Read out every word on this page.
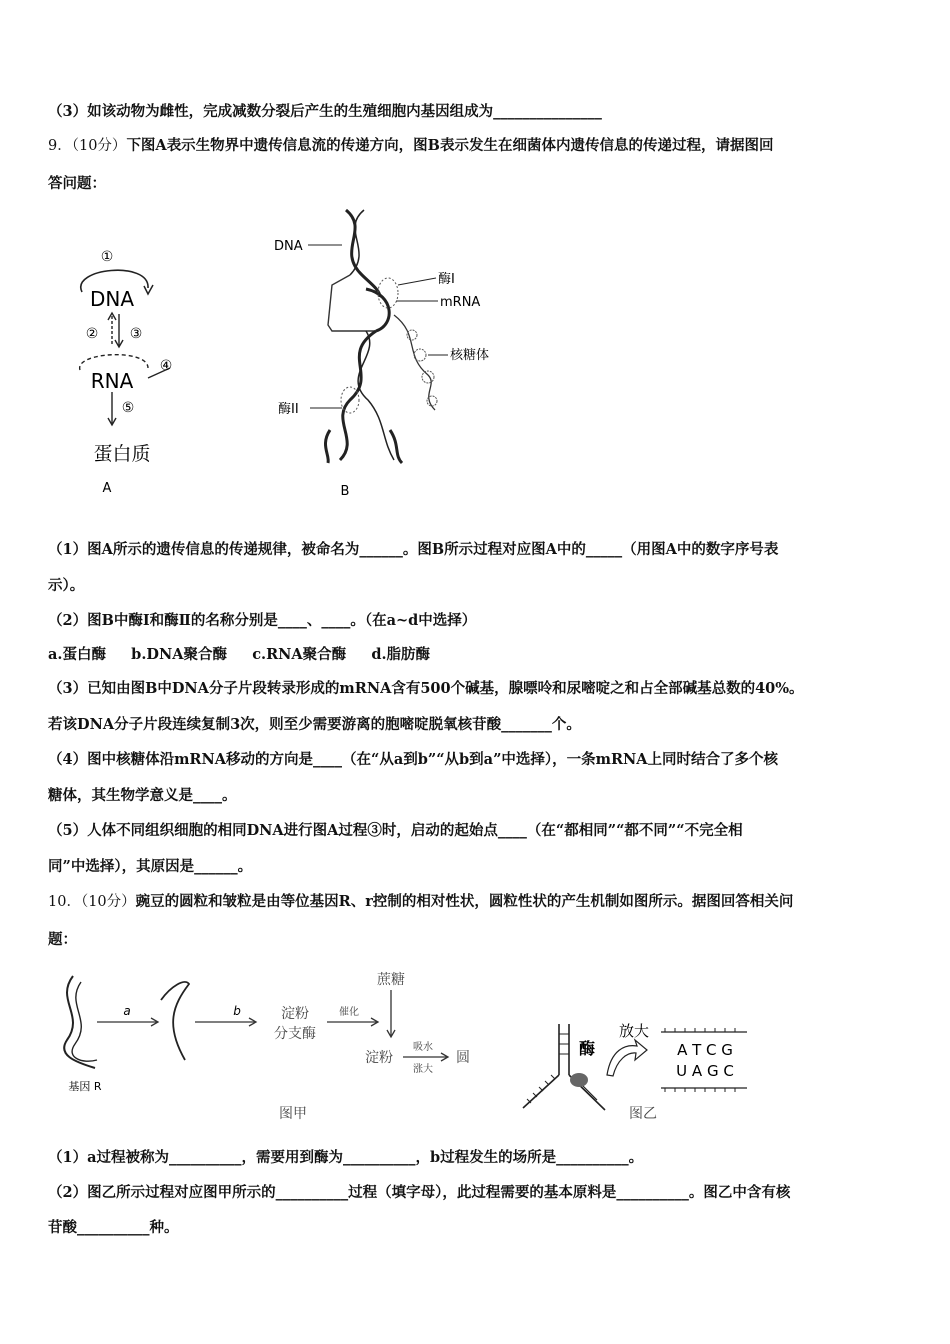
（3）如该动物为雌性，完成减数分裂后产生的生殖细胞内基因组成为_______________
9．（10分）下图A表示生物界中遗传信息流的传递方向，图B表示发生在细菌体内遗传信息的传递过程，请据图回
答问题：
①
DNA
② ③
④
RNA
⑤
蛋白质
A
DNA
酶I
mRNA
核糖体
酶II
B
（1）图A所示的遗传信息的传递规律，被命名为______。图B所示过程对应图A中的_____（用图A中的数字序号表
示）。
（2）图B中酶Ⅰ和酶Ⅱ的名称分别是____、____。（在a~d中选择）
a.蛋白酶     b.DNA聚合酶     c.RNA聚合酶     d.脂肪酶
（3）已知由图B中DNA分子片段转录形成的mRNA含有500个碱基，腺嘌呤和尿嘧啶之和占全部碱基总数的40%。
若该DNA分子片段连续复制3次，则至少需要游离的胞嘧啶脱氧核苷酸_______个。
（4）图中核糖体沿mRNA移动的方向是____（在“从a到b”“从b到a”中选择），一条mRNA上同时结合了多个核
糖体，其生物学意义是____。
（5）人体不同组织细胞的相同DNA进行图A过程③时，启动的起始点____（在“都相同”“都不同”“不完全相
同”中选择），其原因是______。
10．（10分）豌豆的圆粒和皱粒是由等位基因R、r控制的相对性状，圆粒性状的产生机制如图所示。据图回答相关问
题：
基因 R
a	b	淀粉
分支酶
催化
蔗糖
淀粉
吸水
涨大
圆
图甲
酶
放大
A T C G
U A G C
图乙
（1）a过程被称为__________，需要用到酶为__________，b过程发生的场所是__________。
（2）图乙所示过程对应图甲所示的__________过程（填字母），此过程需要的基本原料是__________。图乙中含有核
苷酸__________种。
